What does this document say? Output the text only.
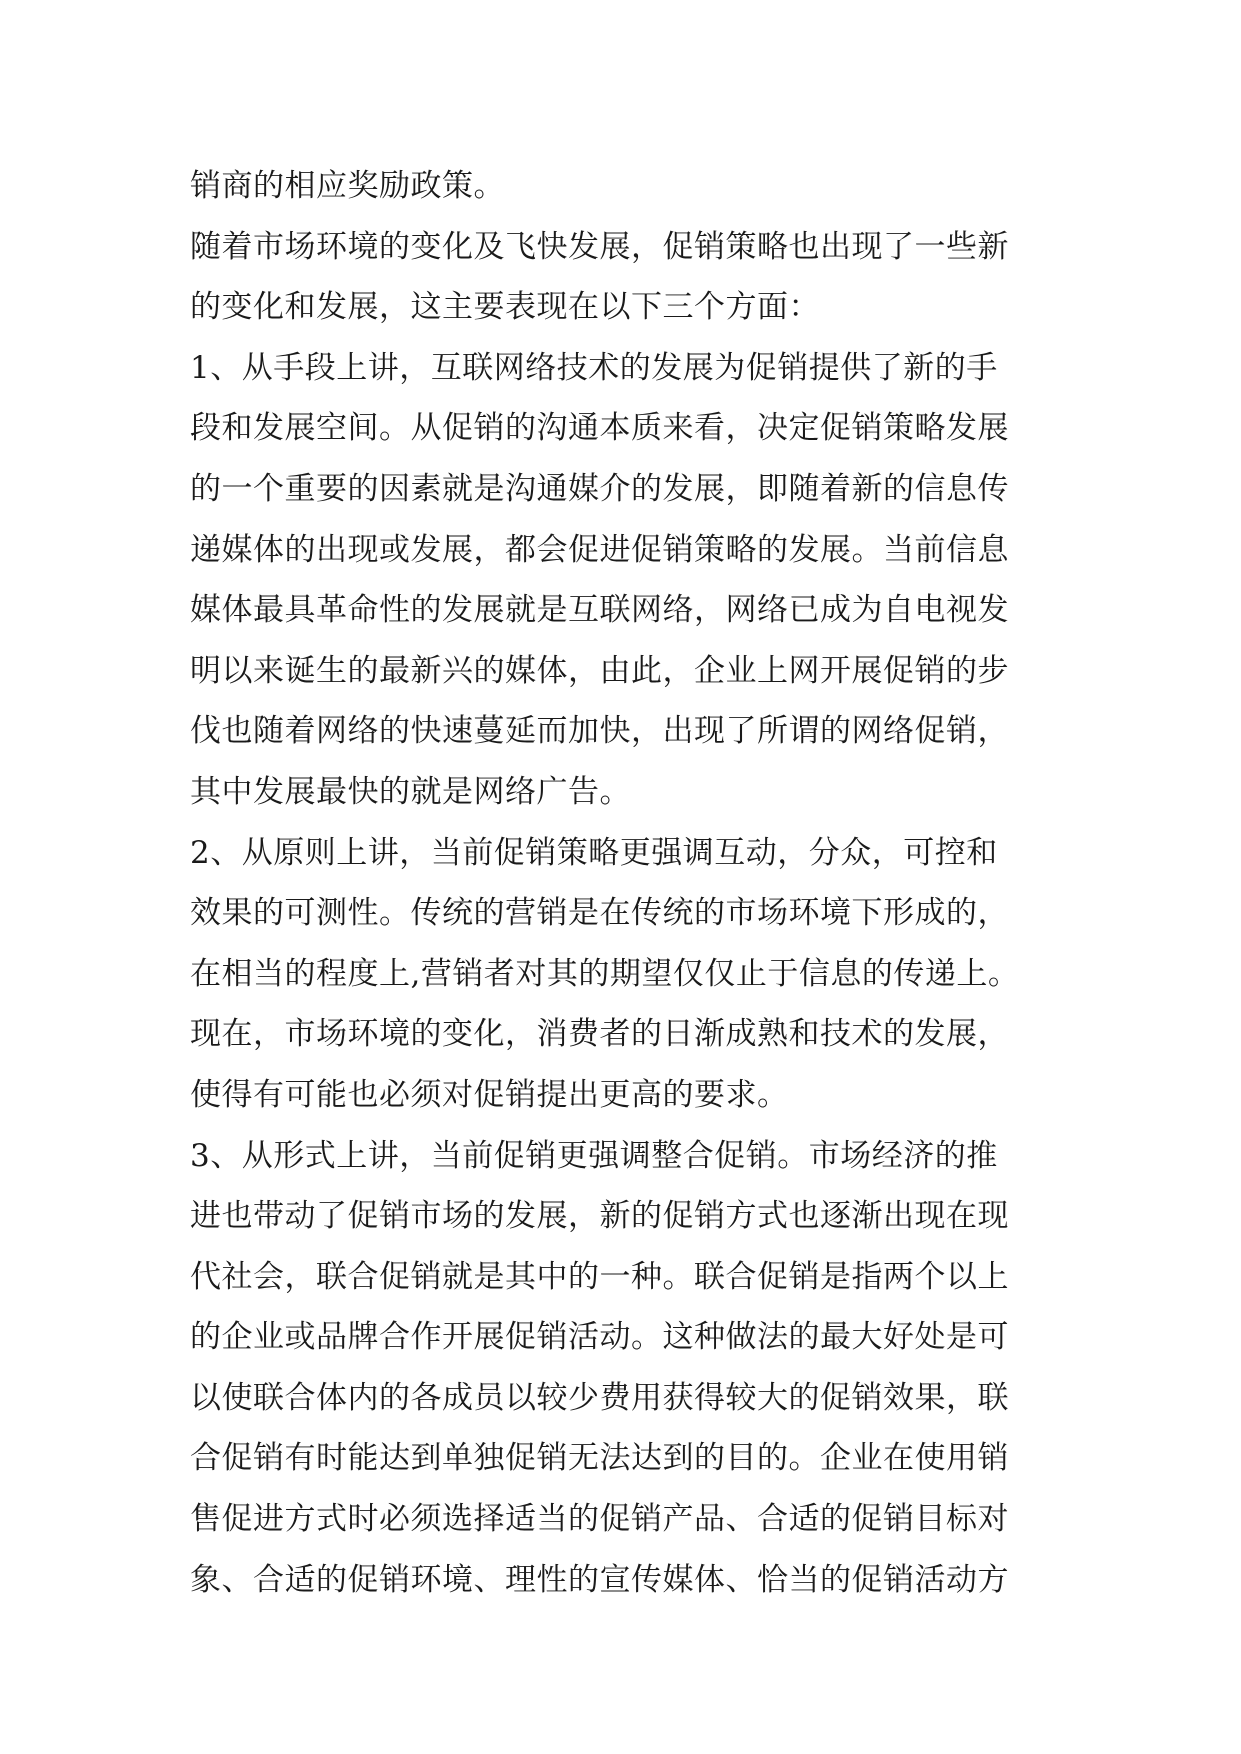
销商的相应奖励政策。
随着市场环境的变化及飞快发展，促销策略也出现了一些新
的变化和发展，这主要表现在以下三个方面：
1、从手段上讲，互联网络技术的发展为促销提供了新的手
段和发展空间。从促销的沟通本质来看，决定促销策略发展
的一个重要的因素就是沟通媒介的发展，即随着新的信息传
递媒体的出现或发展，都会促进促销策略的发展。当前信息
媒体最具革命性的发展就是互联网络，网络已成为自电视发
明以来诞生的最新兴的媒体，由此，企业上网开展促销的步
伐也随着网络的快速蔓延而加快，出现了所谓的网络促销，
其中发展最快的就是网络广告。
2、从原则上讲，当前促销策略更强调互动，分众，可控和
效果的可测性。传统的营销是在传统的市场环境下形成的，
在相当的程度上,营销者对其的期望仅仅止于信息的传递上。
现在，市场环境的变化，消费者的日渐成熟和技术的发展，
使得有可能也必须对促销提出更高的要求。
3、从形式上讲，当前促销更强调整合促销。市场经济的推
进也带动了促销市场的发展，新的促销方式也逐渐出现在现
代社会，联合促销就是其中的一种。联合促销是指两个以上
的企业或品牌合作开展促销活动。这种做法的最大好处是可
以使联合体内的各成员以较少费用获得较大的促销效果，联
合促销有时能达到单独促销无法达到的目的。企业在使用销
售促进方式时必须选择适当的促销产品、合适的促销目标对
象、合适的促销环境、理性的宣传媒体、恰当的促销活动方
